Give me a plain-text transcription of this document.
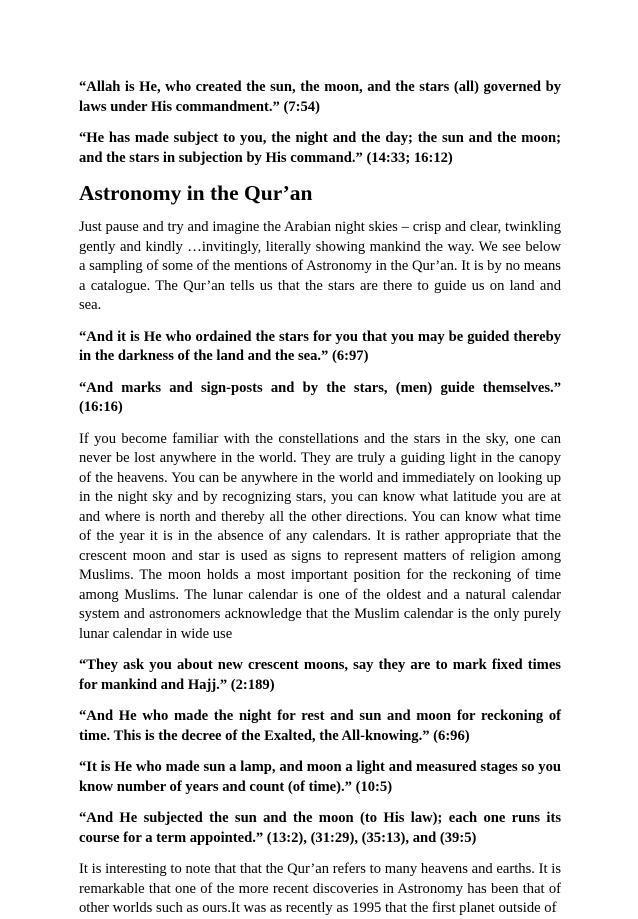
“Allah is He, who created the sun, the moon, and the stars (all) governed by laws under His commandment.” (7:54)

“He has made subject to you, the night and the day; the sun and the moon; and the stars in subjection by His command.” (14:33; 16:12)

Astronomy in the Qur’an

Just pause and try and imagine the Arabian night skies – crisp and clear, twinkling gently and kindly …invitingly, literally showing mankind the way. We see below a sampling of some of the mentions of Astronomy in the Qur’an. It is by no means a catalogue. The Qur’an tells us that the stars are there to guide us on land and sea.

“And it is He who ordained the stars for you that you may be guided thereby in the darkness of the land and the sea.” (6:97)

“And marks and sign-posts and by the stars, (men) guide themselves.” (16:16)

If you become familiar with the constellations and the stars in the sky, one can never be lost anywhere in the world. They are truly a guiding light in the canopy of the heavens. You can be anywhere in the world and immediately on looking up in the night sky and by recognizing stars, you can know what latitude you are at and where is north and thereby all the other directions. You can know what time of the year it is in the absence of any calendars. It is rather appropriate that the crescent moon and star is used as signs to represent matters of religion among Muslims. The moon holds a most important position for the reckoning of time among Muslims. The lunar calendar is one of the oldest and a natural calendar system and astronomers acknowledge that the Muslim calendar is the only purely lunar calendar in wide use

“They ask you about new crescent moons, say they are to mark fixed times for mankind and Hajj.” (2:189)

“And He who made the night for rest and sun and moon for reckoning of time. This is the decree of the Exalted, the All-knowing.” (6:96)

“It is He who made sun a lamp, and moon a light and measured stages so you know number of years and count (of time).” (10:5)

“And He subjected the sun and the moon (to His law); each one runs its course for a term appointed.” (13:2), (31:29), (35:13), and (39:5)

It is interesting to note that that the Qur’an refers to many heavens and earths. It is remarkable that one of the more recent discoveries in Astronomy has been that of other worlds such as ours.It was as recently as 1995 that the first planet outside of
